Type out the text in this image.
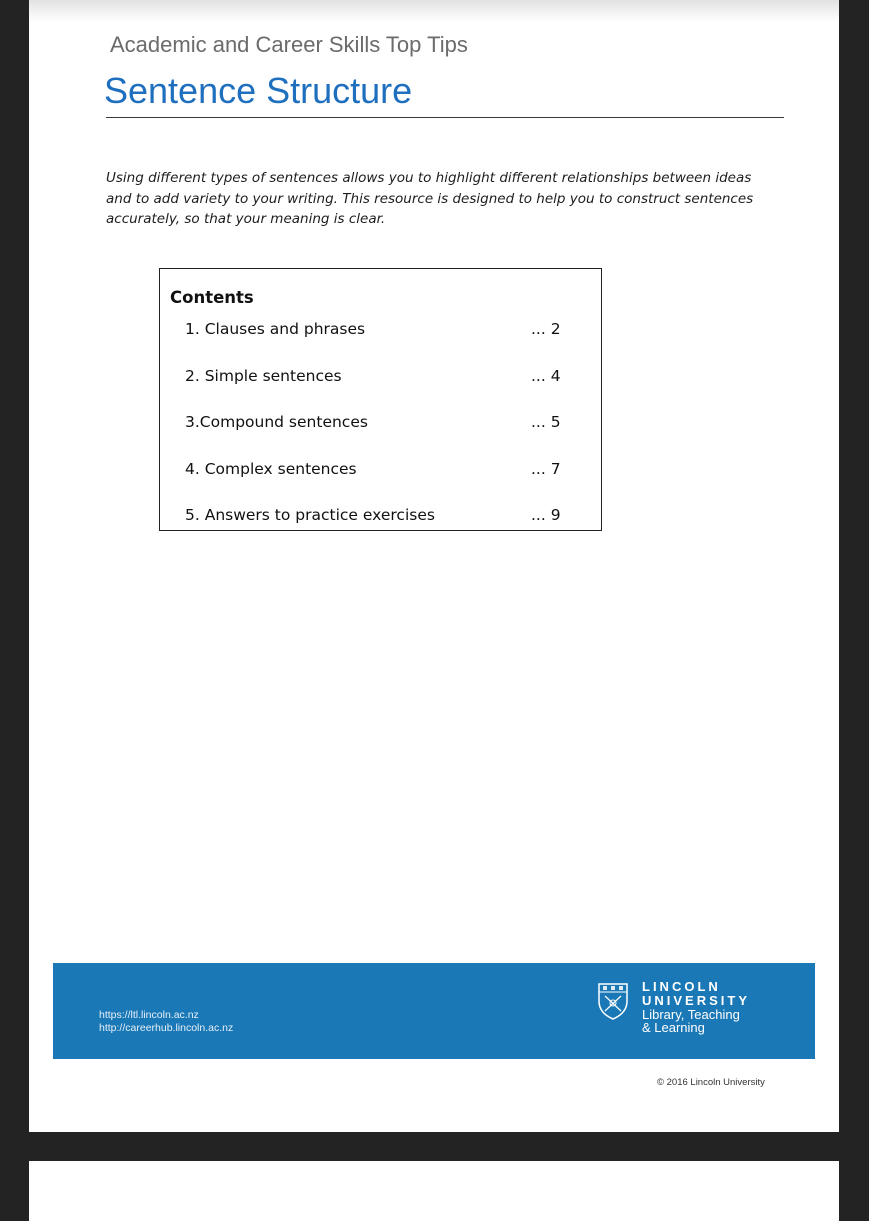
Academic and Career Skills Top Tips
Sentence Structure
Using different types of sentences allows you to highlight different relationships between ideas and to add variety to your writing. This resource is designed to help you to construct sentences accurately, so that your meaning is clear.
Contents
1. Clauses and phrases	... 2
2. Simple sentences	... 4
3.Compound sentences	... 5
4. Complex sentences	... 7
5. Answers to practice exercises	... 9
https://ltl.lincoln.ac.nz
http://careerhub.lincoln.ac.nz
LINCOLN
UNIVERSITY
Library, Teaching
& Learning
© 2016 Lincoln University
